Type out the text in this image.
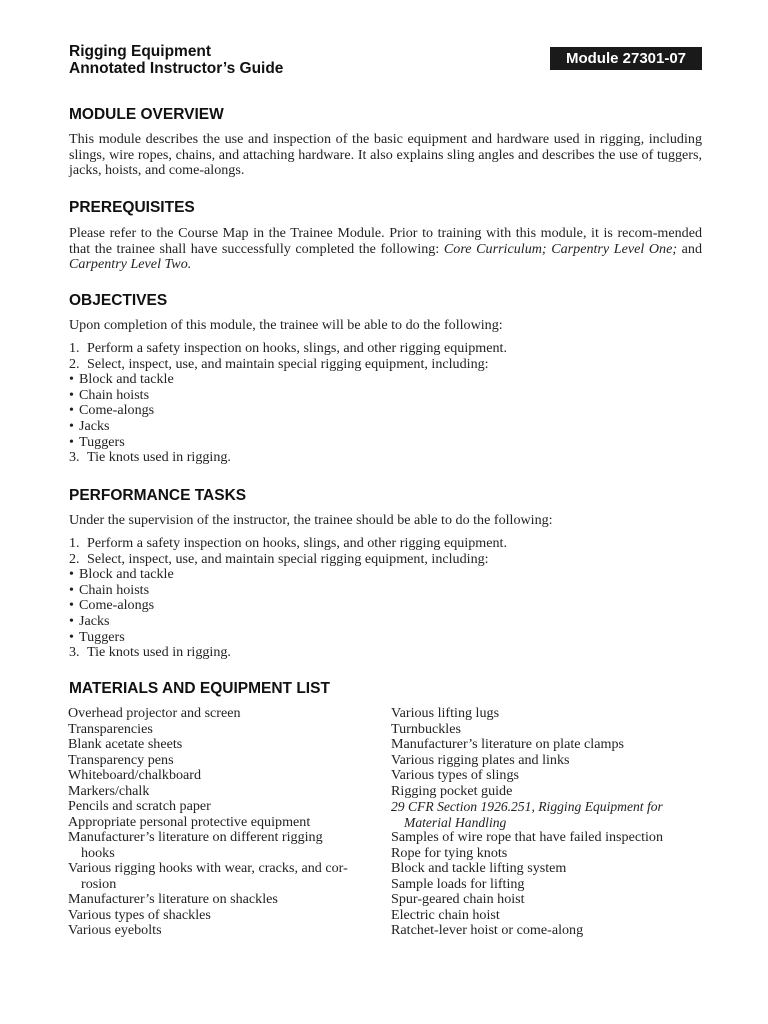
Rigging Equipment
Annotated Instructor’s Guide
Module 27301-07
MODULE OVERVIEW

This module describes the use and inspection of the basic equipment and hardware used in rigging, including slings, wire ropes, chains, and attaching hardware. It also explains sling angles and describes the use of tuggers, jacks, hoists, and come-alongs.

PREREQUISITES

Please refer to the Course Map in the Trainee Module. Prior to training with this module, it is recom-mended that the trainee shall have successfully completed the following: Core Curriculum; Carpentry Level One; and Carpentry Level Two.

OBJECTIVES

Upon completion of this module, the trainee will be able to do the following:

1. Perform a safety inspection on hooks, slings, and other rigging equipment.
2. Select, inspect, use, and maintain special rigging equipment, including:
• Block and tackle
• Chain hoists
• Come-alongs
• Jacks
• Tuggers
3. Tie knots used in rigging.
PERFORMANCE TASKS

Under the supervision of the instructor, the trainee should be able to do the following:

1. Perform a safety inspection on hooks, slings, and other rigging equipment.
2. Select, inspect, use, and maintain special rigging equipment, including:
• Block and tackle
• Chain hoists
• Come-alongs
• Jacks
• Tuggers
3. Tie knots used in rigging.
MATERIALS AND EQUIPMENT LIST
Overhead projector and screen
Transparencies
Blank acetate sheets
Transparency pens
Whiteboard/chalkboard
Markers/chalk
Pencils and scratch paper
Appropriate personal protective equipment
Manufacturer’s literature on different rigging hooks
Various rigging hooks with wear, cracks, and cor-rosion
Manufacturer’s literature on shackles
Various types of shackles
Various eyebolts
Various lifting lugs
Turnbuckles
Manufacturer’s literature on plate clamps
Various rigging plates and links
Various types of slings
Rigging pocket guide
29 CFR Section 1926.251, Rigging Equipment for Material Handling
Samples of wire rope that have failed inspection
Rope for tying knots
Block and tackle lifting system
Sample loads for lifting
Spur-geared chain hoist
Electric chain hoist
Ratchet-lever hoist or come-along
